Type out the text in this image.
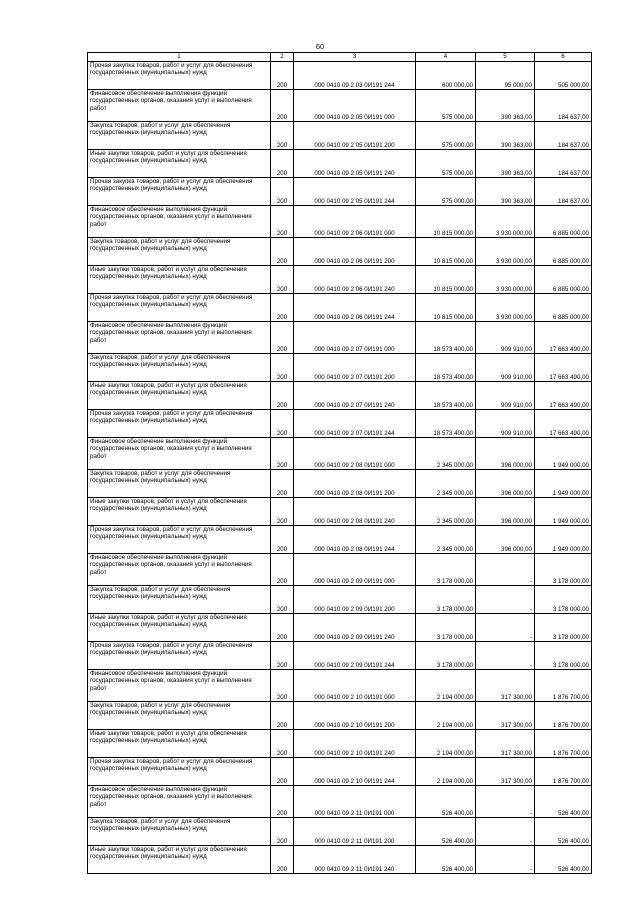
60
1	2	3	4	5	6
Прочая закупка товаров, работ и услуг для обеспечения государственных (муниципальных) нужд	200	000 0410 09 2 03 0И191 244	600 000,00	95 000,00	505 000,00
Финансовое обеспечение выполнения функций государственных органов, оказания услуг и выполнения работ	200	000 0410 09 2 05 0И191 000	575 000,00	390 363,00	184 637,00
Закупка товаров, работ и услуг для обеспечения государственных (муниципальных) нужд	200	000 0410 09 2 05 0И191 200	575 000,00	390 363,00	184 637,00
Иные закупки товаров, работ и услуг для обеспечения государственных (муниципальных) нужд	200	000 0410 09 2 05 0И191 240	575 000,00	390 363,00	184 637,00
Прочая закупка товаров, работ и услуг для обеспечения государственных (муниципальных) нужд	200	000 0410 09 2 05 0И191 244	575 000,00	390 363,00	184 637,00
Финансовое обеспечение выполнения функций государственных органов, оказания услуг и выполнения работ	200	000 0410 09 2 06 0И191 000	10 815 000,00	3 930 000,00	6 885 000,00
Закупка товаров, работ и услуг для обеспечения государственных (муниципальных) нужд	200	000 0410 09 2 06 0И191 200	10 815 000,00	3 930 000,00	6 885 000,00
Иные закупки товаров, работ и услуг для обеспечения государственных (муниципальных) нужд	200	000 0410 09 2 06 0И191 240	10 815 000,00	3 930 000,00	6 885 000,00
Прочая закупка товаров, работ и услуг для обеспечения государственных (муниципальных) нужд	200	000 0410 09 2 06 0И191 244	10 815 000,00	3 930 000,00	6 885 000,00
Финансовое обеспечение выполнения функций государственных органов, оказания услуг и выполнения работ	200	000 0410 09 2 07 0И191 000	18 573 400,00	909 910,00	17 663 490,00
Закупка товаров, работ и услуг для обеспечения государственных (муниципальных) нужд	200	000 0410 09 2 07 0И191 200	18 573 400,00	909 910,00	17 663 490,00
Иные закупки товаров, работ и услуг для обеспечения государственных (муниципальных) нужд	200	000 0410 09 2 07 0И191 240	18 573 400,00	909 910,00	17 663 490,00
Прочая закупка товаров, работ и услуг для обеспечения государственных (муниципальных) нужд	200	000 0410 09 2 07 0И191 244	18 573 400,00	909 910,00	17 663 490,00
Финансовое обеспечение выполнения функций государственных органов, оказания услуг и выполнения работ	200	000 0410 09 2 08 0И191 000	2 345 000,00	396 000,00	1 949 000,00
Закупка товаров, работ и услуг для обеспечения государственных (муниципальных) нужд	200	000 0410 09 2 08 0И191 200	2 345 000,00	396 000,00	1 949 000,00
Иные закупки товаров, работ и услуг для обеспечения государственных (муниципальных) нужд	200	000 0410 09 2 08 0И191 240	2 345 000,00	396 000,00	1 949 000,00
Прочая закупка товаров, работ и услуг для обеспечения государственных (муниципальных) нужд	200	000 0410 09 2 08 0И191 244	2 345 000,00	396 000,00	1 949 000,00
Финансовое обеспечение выполнения функций государственных органов, оказания услуг и выполнения работ	200	000 0410 09 2 09 0И191 000	3 178 000,00	-	3 178 000,00
Закупка товаров, работ и услуг для обеспечения государственных (муниципальных) нужд	200	000 0410 09 2 09 0И191 200	3 178 000,00	-	3 178 000,00
Иные закупки товаров, работ и услуг для обеспечения государственных (муниципальных) нужд	200	000 0410 09 2 09 0И191 240	3 178 000,00	-	3 178 000,00
Прочая закупка товаров, работ и услуг для обеспечения государственных (муниципальных) нужд	200	000 0410 09 2 09 0И191 244	3 178 000,00	-	3 178 000,00
Финансовое обеспечение выполнения функций государственных органов, оказания услуг и выполнения работ	200	000 0410 09 2 10 0И191 000	2 194 000,00	317 300,00	1 876 700,00
Закупка товаров, работ и услуг для обеспечения государственных (муниципальных) нужд	200	000 0410 09 2 10 0И191 200	2 194 000,00	317 300,00	1 876 700,00
Иные закупки товаров, работ и услуг для обеспечения государственных (муниципальных) нужд	200	000 0410 09 2 10 0И191 240	2 194 000,00	317 300,00	1 876 700,00
Прочая закупка товаров, работ и услуг для обеспечения государственных (муниципальных) нужд	200	000 0410 09 2 10 0И191 244	2 194 000,00	317 300,00	1 876 700,00
Финансовое обеспечение выполнения функций государственных органов, оказания услуг и выполнения работ	200	000 0410 09 2 11 0И191 000	526 400,00	-	526 400,00
Закупка товаров, работ и услуг для обеспечения государственных (муниципальных) нужд	200	000 0410 09 2 11 0И191 200	526 400,00	-	526 400,00
Иные закупки товаров, работ и услуг для обеспечения государственных (муниципальных) нужд	200	000 0410 09 2 11 0И191 240	526 400,00	-	526 400,00
